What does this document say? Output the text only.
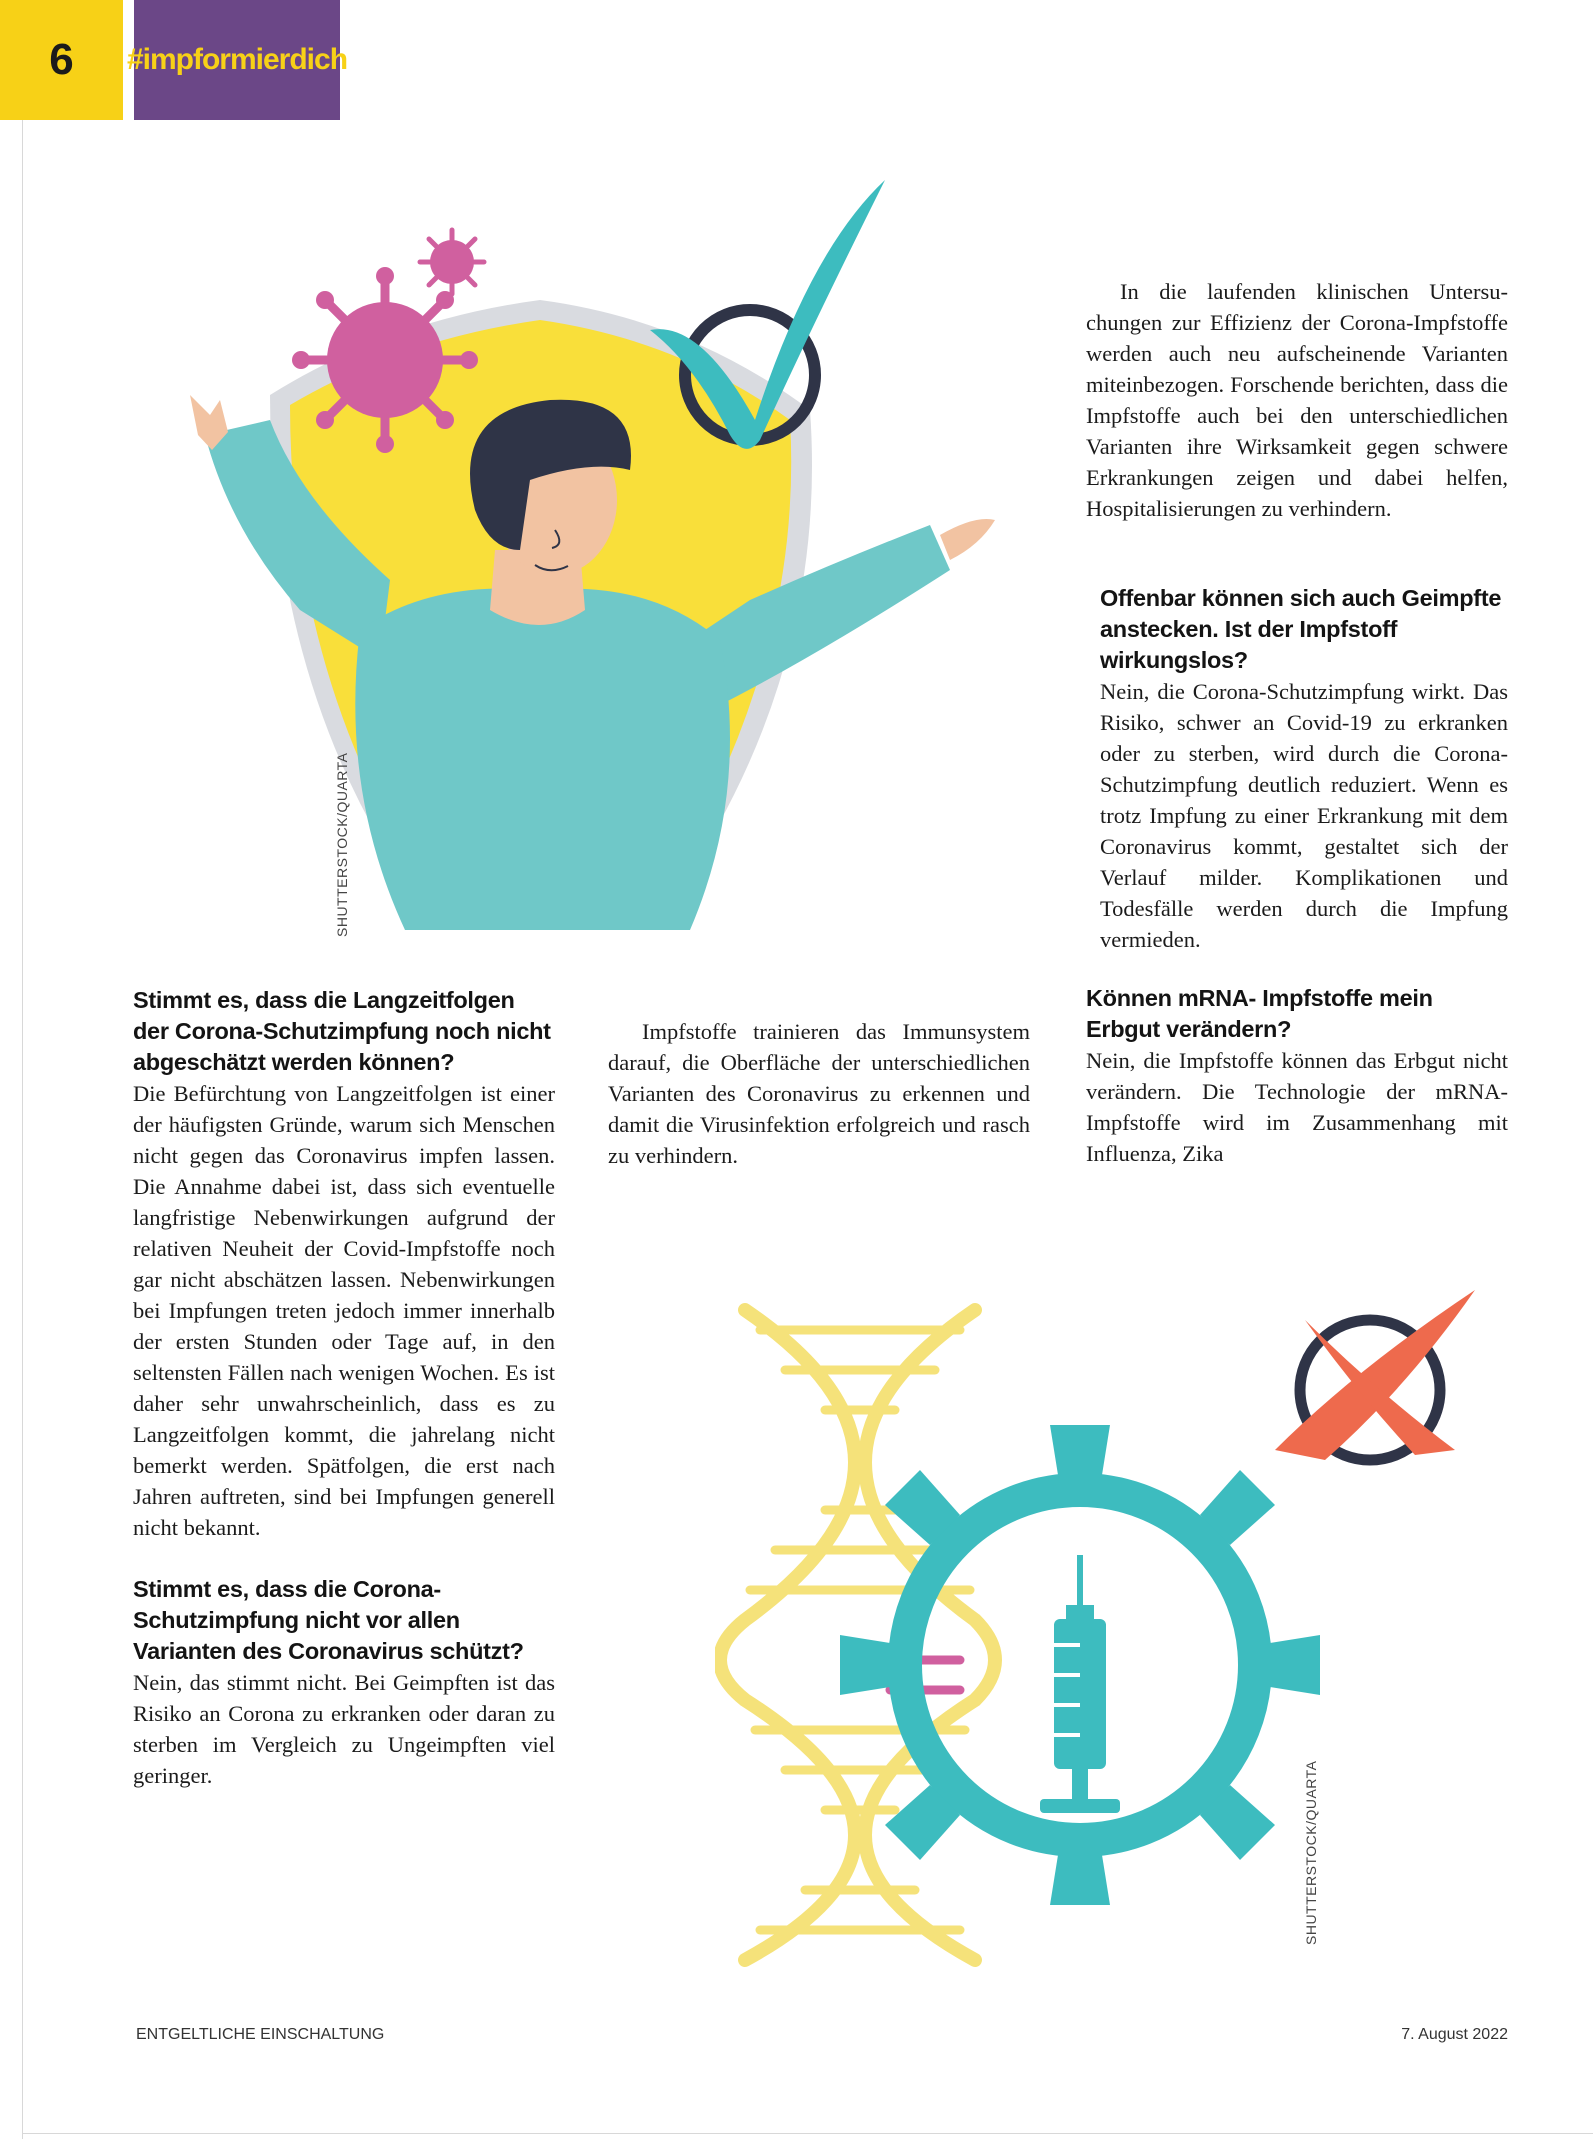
6	#impformierdich
SHUTTERSTOCK/QUARTA

In die laufenden klinischen Untersuchungen zur Effizienz der Corona-Impfstoffe werden auch neu aufscheinende Varianten miteinbezogen. Forschende berichten, dass die Impfstoffe auch bei den unterschiedlichen Varianten ihre Wirksamkeit gegen schwere Erkrankungen zeigen und dabei helfen, Hospitalisierungen zu verhindern.

Offenbar können sich auch Geimpfte anstecken. Ist der Impfstoff wirkungslos?

Nein, die Corona-Schutzimpfung wirkt. Das Risiko, schwer an Covid-19 zu erkranken oder zu sterben, wird durch die Corona-Schutzimpfung deutlich reduziert. Wenn es trotz Impfung zu einer Erkrankung mit dem Coronavirus kommt, gestaltet sich der Verlauf milder. Komplikationen und Todesfälle werden durch die Impfung vermieden.

Stimmt es, dass die Langzeitfolgen der Corona-Schutzimpfung noch nicht abgeschätzt werden können?

Die Befürchtung von Langzeitfolgen ist einer der häufigsten Gründe, warum sich Menschen nicht gegen das Coronavirus impfen lassen. Die Annahme dabei ist, dass sich eventuelle langfristige Nebenwirkungen aufgrund der relativen Neuheit der Covid-Impfstoffe noch gar nicht abschätzen lassen. Nebenwirkungen bei Impfungen treten jedoch immer innerhalb der ersten Stunden oder Tage auf, in den seltensten Fällen nach wenigen Wochen. Es ist daher sehr unwahrscheinlich, dass es zu Langzeitfolgen kommt, die jahrelang nicht bemerkt werden. Spätfolgen, die erst nach Jahren auftreten, sind bei Impfungen generell nicht bekannt.

Stimmt es, dass die Corona-Schutzimpfung nicht vor allen Varianten des Coronavirus schützt?

Nein, das stimmt nicht. Bei Geimpften ist das Risiko an Corona zu erkranken oder daran zu sterben im Vergleich zu Ungeimpften viel geringer.

Impfstoffe trainieren das Immunsystem darauf, die Oberfläche der unterschiedlichen Varianten des Coronavirus zu erkennen und damit die Virusinfektion erfolgreich und rasch zu verhindern.

Können mRNA- Impfstoffe mein Erbgut verändern?

Nein, die Impfstoffe können das Erbgut nicht verändern. Die Technologie der mRNA-Impfstoffe wird im Zusammenhang mit Influenza, Zika

SHUTTERSTOCK/QUARTA
ENTGELTLICHE EINSCHALTUNG	7. August 2022
